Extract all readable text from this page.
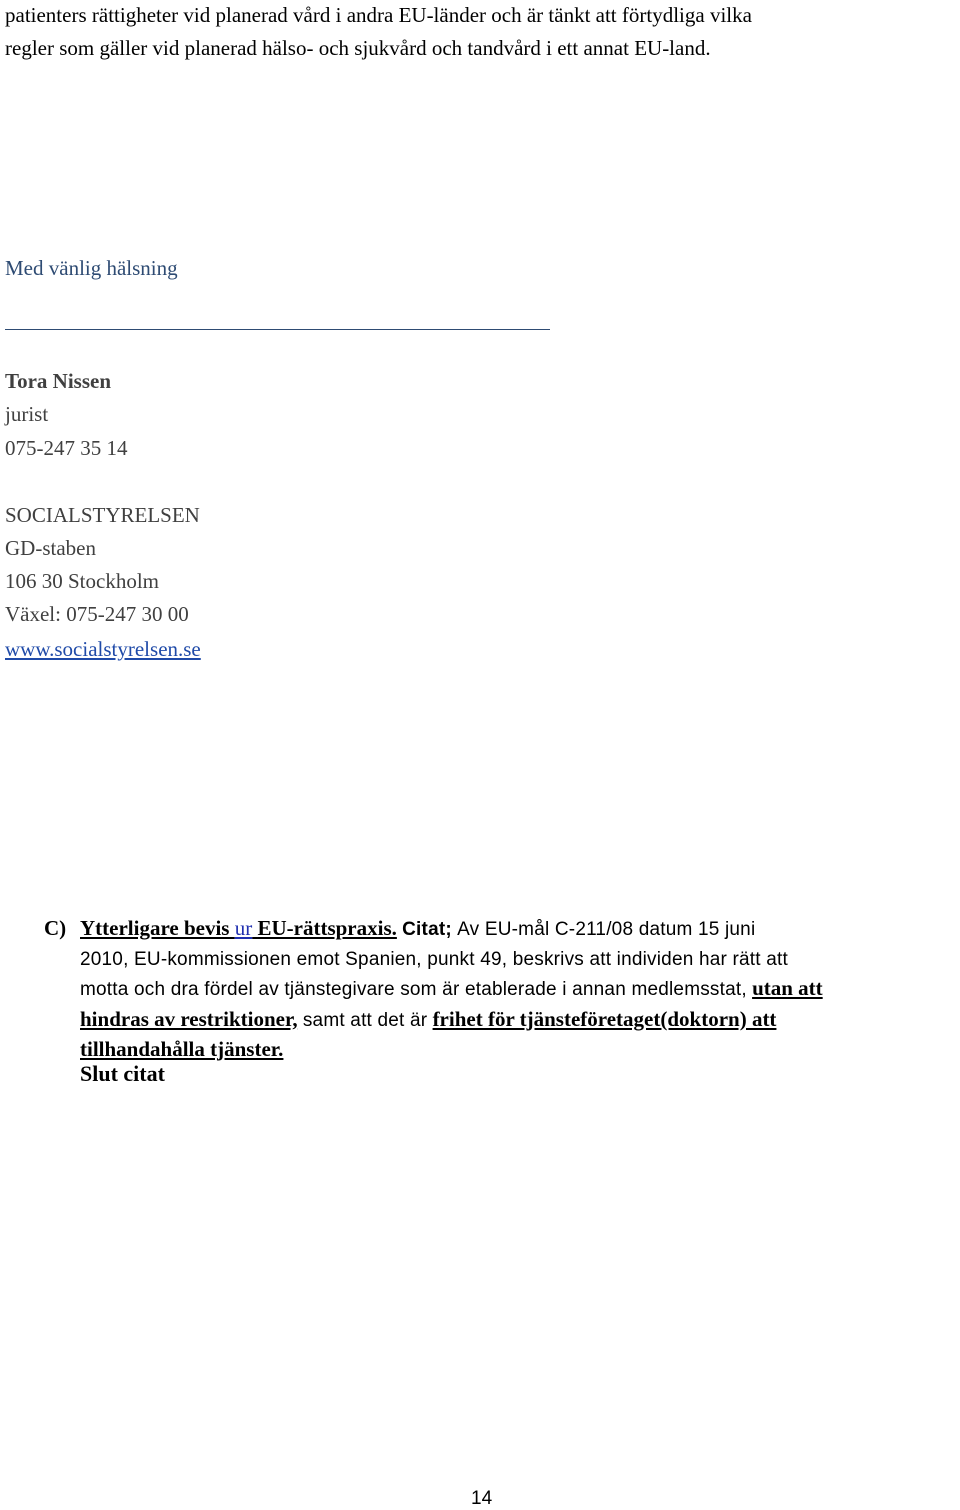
patienters rättigheter vid planerad vård i andra EU-länder och är tänkt att förtydliga vilka
regler som gäller vid planerad hälso- och sjukvård och tandvård i ett annat EU-land.
Med vänlig hälsning
Tora Nissen
jurist
075-247 35 14
SOCIALSTYRELSEN
GD-staben
106 30 Stockholm
Växel: 075-247 30 00
www.socialstyrelsen.se
C) Ytterligare bevis ur EU-rättspraxis. Citat; Av EU-mål C-211/08 datum 15 juni
2010, EU-kommissionen emot Spanien, punkt 49, beskrivs att individen har rätt att
motta och dra fördel av tjänstegivare som är etablerade i annan medlemsstat, utan att
hindras av restriktioner, samt att det är frihet för tjänsteföretaget(doktorn) att
tillhandahålla tjänster.
Slut citat
14
